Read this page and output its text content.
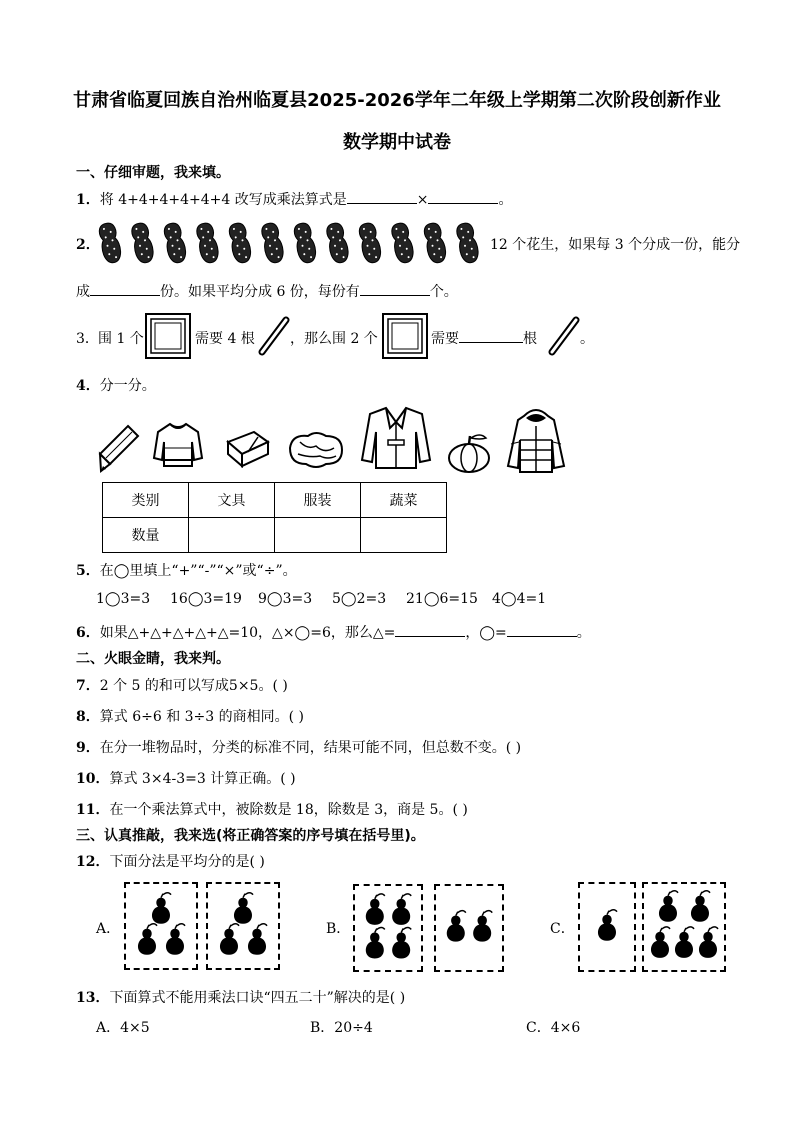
甘肃省临夏回族自治州临夏县2025-2026学年二年级上学期第二次阶段创新作业
数学期中试卷
一、仔细审题，我来填。
1．将 4+4+4+4+4+4 改写成乘法算式是	×	。
2．	12 个花生，如果每 3 个分成一份，能分
成	份。如果平均分成 6 份，每份有	个。
3． 围 1 个	需要 4 根	，那么围 2 个	需要	根	。
4．分一分。
类别	文具	服装	蔬菜
数量			
5．在◯里填上“+”“-”“×”或“÷”。
1◯3=3 16◯3=19 9◯3=3 5◯2=3 21◯6=15 4◯4=1
6．如果△+△+△+△+△=10，△×◯=6，那么△=	，◯=	。
二、火眼金睛，我来判。
7．2 个 5 的和可以写成5×5。( )
8．算式 6÷6 和 3÷3 的商相同。( )
9．在分一堆物品时，分类的标准不同，结果可能不同，但总数不变。( )
10．算式 3×4-3=3 计算正确。( )
11．在一个乘法算式中，被除数是 18，除数是 3，商是 5。( )
三、认真推敲，我来选(将正确答案的序号填在括号里)。
12．下面分法是平均分的是( )
A．	B．	C．
13．下面算式不能用乘法口诀“四五二十”解决的是( )
A．4×5	B．20÷4	C．4×6
